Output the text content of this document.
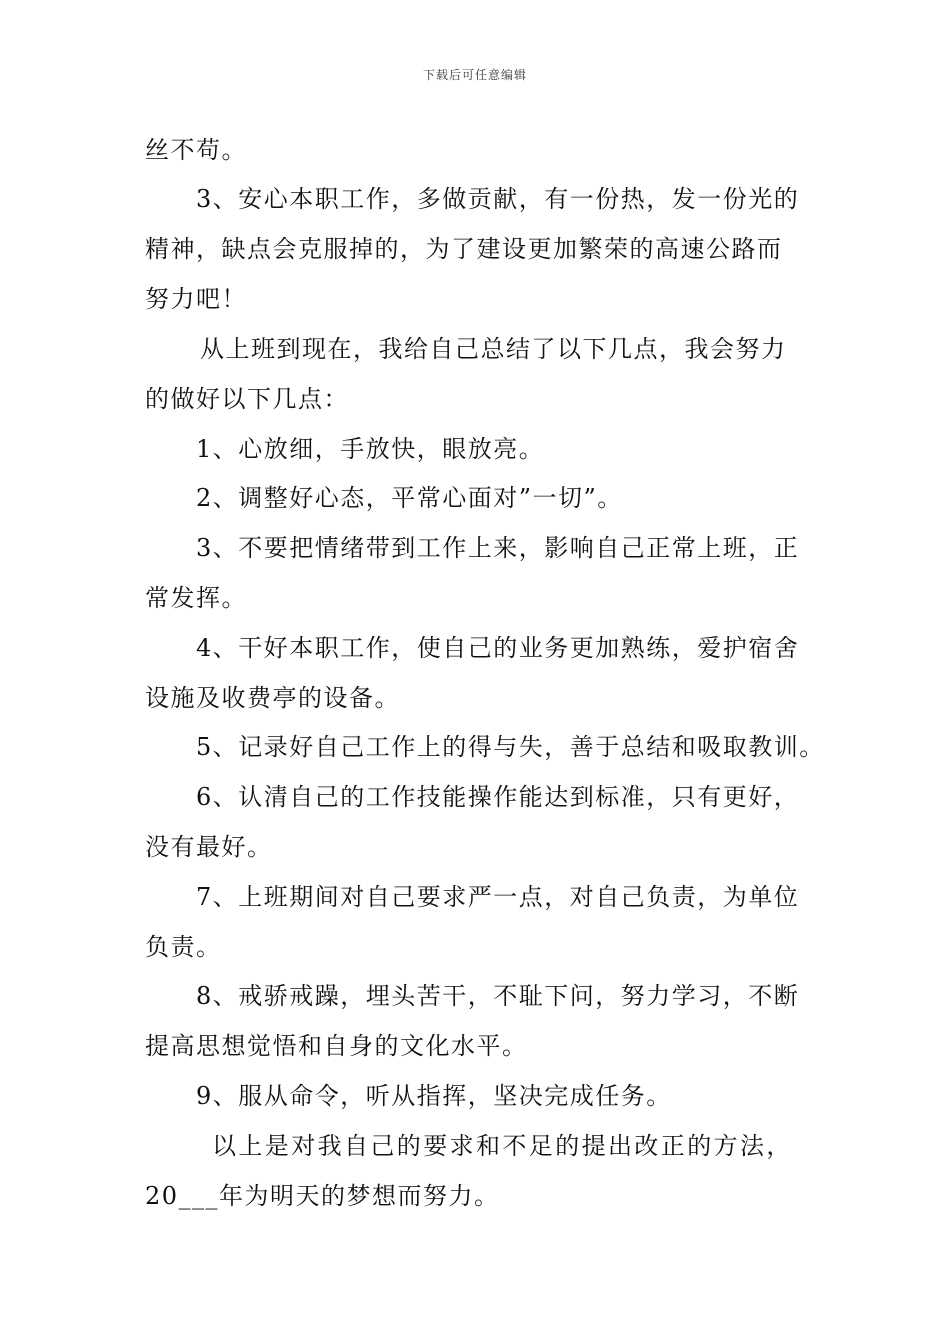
下载后可任意编辑
丝不苟。
3、安心本职工作，多做贡献，有一份热，发一份光的
精神，缺点会克服掉的，为了建设更加繁荣的高速公路而
努力吧！
从上班到现在，我给自己总结了以下几点，我会努力
的做好以下几点：
1、心放细，手放快，眼放亮。
2、调整好心态，平常心面对”一切”。
3、不要把情绪带到工作上来，影响自己正常上班，正
常发挥。
4、干好本职工作，使自己的业务更加熟练，爱护宿舍
设施及收费亭的设备。
5、记录好自己工作上的得与失，善于总结和吸取教训。
6、认清自己的工作技能操作能达到标准，只有更好，
没有最好。
7、上班期间对自己要求严一点，对自己负责，为单位
负责。
8、戒骄戒躁，埋头苦干，不耻下问，努力学习，不断
提高思想觉悟和自身的文化水平。
9、服从命令，听从指挥，坚决完成任务。
以上是对我自己的要求和不足的提出改正的方法，
20___年为明天的梦想而努力。
